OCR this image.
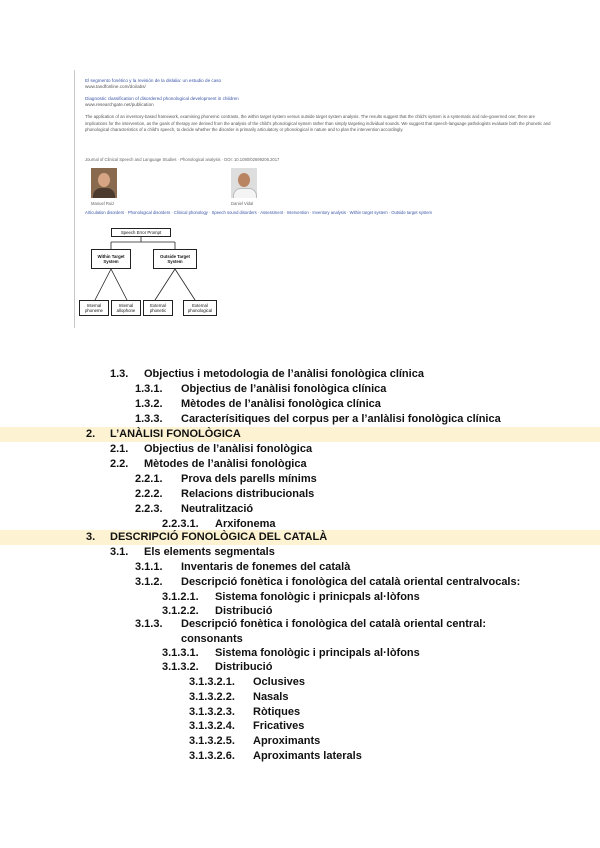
El segmento fonético y la revisión de la dislalia: un estudio de caso
www.tandfonline.com/doi/abs/
Diagnostic classification of disordered phonological development in children
www.researchgate.net/publication
The application of an inventory-based framework, examining phonemic contrasts, the within target system versus outside target system analysis. The results suggest that the child's system is a systematic and rule-governed one; there are implications for the intervention, as the goals of therapy are derived from the analysis of the child's phonological system rather than simply targeting individual sounds. We suggest that speech-language pathologists evaluate both the phonetic and phonological characteristics of a child's speech, to decide whether the disorder is primarily articulatory or phonological in nature and to plan the intervention accordingly.
Journal of Clinical Speech and Language Studies · Phonological analysis · DOI: 10.1080/02699206.2017
Manuel Ruiz	Daniel Vidal
Articulation disorders · Phonological disorders · Clinical phonology · Speech sound disorders · Assessment · Intervention · Inventory analysis · Within target system · Outside target system
Speech Error Prompt
Within Target System
Outside Target System
Internal phoneme
Internal allophone
External phonetic
External phonological
1.3. Objectius i metodologia de l’anàlisi fonològica clínica
1.3.1. Objectius de l’anàlisi fonològica clínica
1.3.2. Mètodes de l’anàlisi fonològica clínica
1.3.3. Caracterísitiques del corpus per a l’anlàlisi fonològica clínica
2. L’ANÀLISI FONOLÒGICA
2.1. Objectius de l’anàlisi fonològica
2.2. Mètodes de l’anàlisi fonològica
2.2.1. Prova dels parells mínims
2.2.2. Relacions distribucionals
2.2.3. Neutralització
2.2.3.1. Arxifonema
3. DESCRIPCIÓ FONOLÒGICA DEL CATALÀ
3.1. Els elements segmentals
3.1.1. Inventaris de fonemes del català
3.1.2. Descripció fonètica i fonològica del català oriental centralvocals:
3.1.2.1. Sistema fonològic i prinicpals al·lòfons
3.1.2.2. Distribució
3.1.3. Descripció fonètica i fonològica del català oriental central:
consonants
3.1.3.1. Sistema fonològic i principals al·lòfons
3.1.3.2. Distribució
3.1.3.2.1. Oclusives
3.1.3.2.2. Nasals
3.1.3.2.3. Ròtiques
3.1.3.2.4. Fricatives
3.1.3.2.5. Aproximants
3.1.3.2.6. Aproximants laterals
